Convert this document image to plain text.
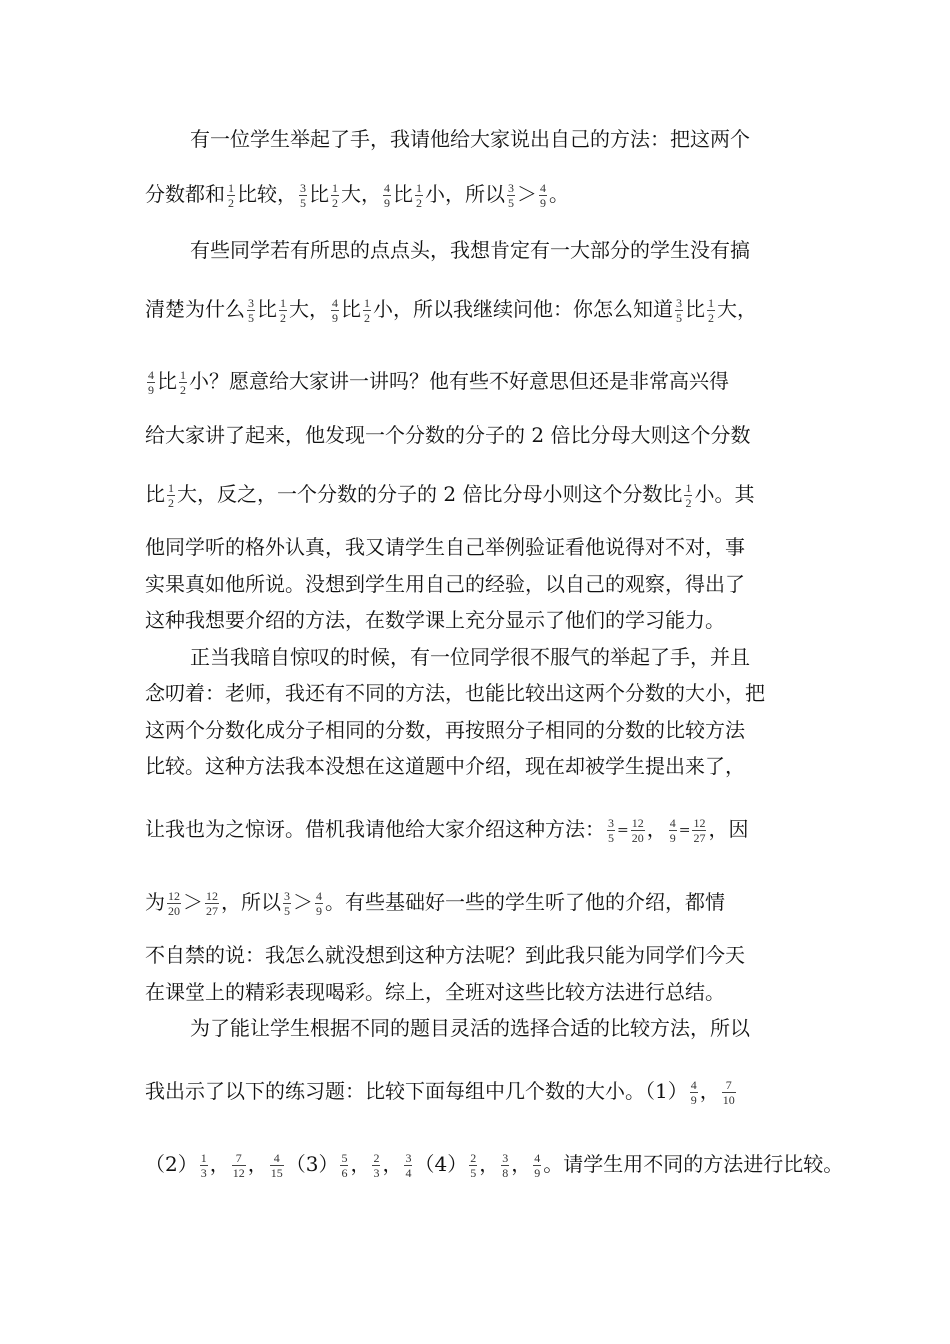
有一位学生举起了手，我请他给大家说出自己的方法：把这两个
分数都和 $\frac{1}{2}$ 比较， $\frac{3}{5}$ 比 $\frac{1}{2}$ 大， $\frac{4}{9}$ 比 $\frac{1}{2}$ 小，所以 $\frac{3}{5} > \frac{4}{9}$ 。
有些同学若有所思的点点头，我想肯定有一大部分的学生没有搞
清楚为什么 $\frac{3}{5}$ 比 $\frac{1}{2}$ 大， $\frac{4}{9}$ 比 $\frac{1}{2}$ 小，所以我继续问他：你怎么知道 $\frac{3}{5}$ 比 $\frac{1}{2}$ 大，
$\frac{4}{9}$ 比 $\frac{1}{2}$ 小？愿意给大家讲一讲吗？他有些不好意思但还是非常高兴得
给大家讲了起来，他发现一个分数的分子的 2 倍比分母大则这个分数
比 $\frac{1}{2}$ 大，反之，一个分数的分子的 2 倍比分母小则这个分数比 $\frac{1}{2}$ 小。其
他同学听的格外认真，我又请学生自己举例验证看他说得对不对，事
实果真如他所说。没想到学生用自己的经验，以自己的观察，得出了
这种我想要介绍的方法，在数学课上充分显示了他们的学习能力。
正当我暗自惊叹的时候，有一位同学很不服气的举起了手，并且
念叨着：老师，我还有不同的方法，也能比较出这两个分数的大小，把
这两个分数化成分子相同的分数，再按照分子相同的分数的比较方法
比较。这种方法我本没想在这道题中介绍，现在却被学生提出来了，
让我也为之惊讶。借机我请他给大家介绍这种方法： $\frac{3}{5} = \frac{12}{20}$ ， $\frac{4}{9} = \frac{12}{27}$ ，因
为 $\frac{12}{20} > \frac{12}{27}$ ，所以 $\frac{3}{5} > \frac{4}{9}$ 。有些基础好一些的学生听了他的介绍，都情
不自禁的说：我怎么就没想到这种方法呢？到此我只能为同学们今天
在课堂上的精彩表现喝彩。综上，全班对这些比较方法进行总结。
为了能让学生根据不同的题目灵活的选择合适的比较方法，所以
我出示了以下的练习题：比较下面每组中几个数的大小。$(1) \frac{4}{9}$ ， $\frac{7}{10}$
$(2) \frac{1}{3}$ ， $\frac{7}{12}$ ， $\frac{4}{15} (3) \frac{5}{6}$ ， $\frac{2}{3}$ ， $\frac{3}{4} (4) \frac{2}{5}$ ， $\frac{3}{8}$ ， $\frac{4}{9}$ 。请学生用不同的方法进行比较。
